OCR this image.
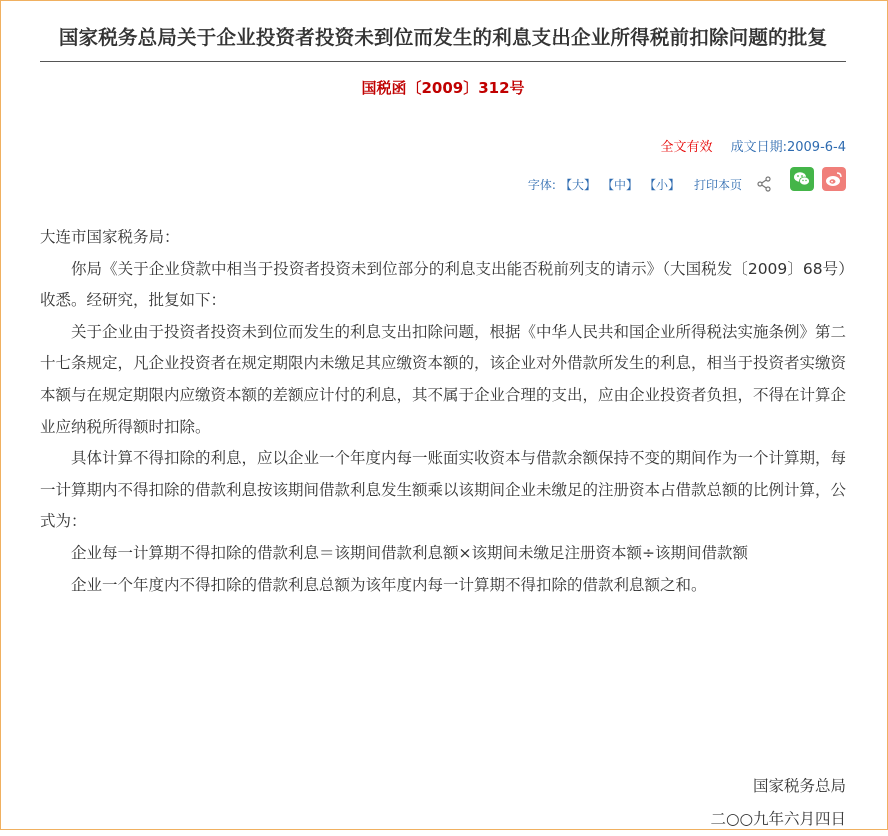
国家税务总局关于企业投资者投资未到位而发生的利息支出企业所得税前扣除问题的批复
国税函〔2009〕312号
全文有效 成文日期:2009-6-4
字体: 【大】 【中】 【小】 打印本页

大连市国家税务局：

你局《关于企业贷款中相当于投资者投资未到位部分的利息支出能否税前列支的请示》（大国税发〔2009〕68号）收悉。经研究，批复如下：

关于企业由于投资者投资未到位而发生的利息支出扣除问题，根据《中华人民共和国企业所得税法实施条例》第二十七条规定，凡企业投资者在规定期限内未缴足其应缴资本额的，该企业对外借款所发生的利息，相当于投资者实缴资本额与在规定期限内应缴资本额的差额应计付的利息，其不属于企业合理的支出，应由企业投资者负担，不得在计算企业应纳税所得额时扣除。

具体计算不得扣除的利息，应以企业一个年度内每一账面实收资本与借款余额保持不变的期间作为一个计算期，每一计算期内不得扣除的借款利息按该期间借款利息发生额乘以该期间企业未缴足的注册资本占借款总额的比例计算，公式为：

企业每一计算期不得扣除的借款利息＝该期间借款利息额×该期间未缴足注册资本额÷该期间借款额

企业一个年度内不得扣除的借款利息总额为该年度内每一计算期不得扣除的借款利息额之和。

国家税务总局
二○○九年六月四日
